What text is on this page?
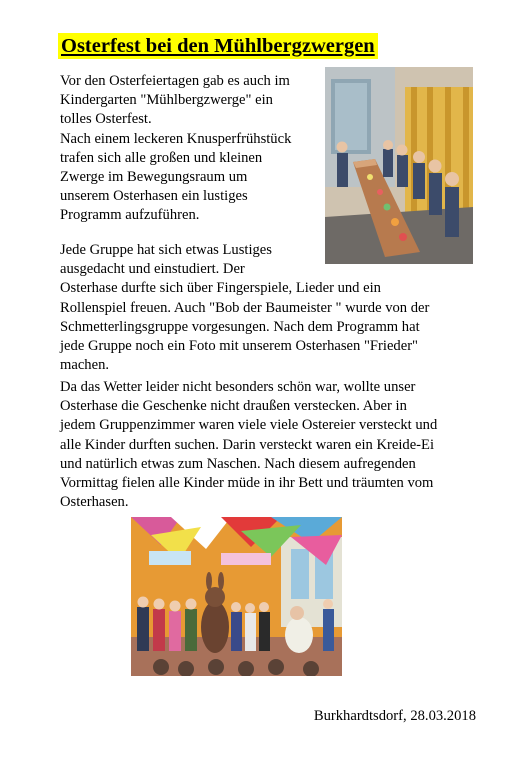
Osterfest bei den Mühlbergzwergen

Vor den Osterfeiertagen gab es auch im
Kindergarten "Mühlbergzwerge" ein
tolles Osterfest.
Nach einem leckeren Knusperfrühstück
trafen sich alle großen und kleinen
Zwerge im Bewegungsraum um
unserem Osterhasen ein lustiges
Programm aufzuführen.

Jede Gruppe hat sich etwas Lustiges
ausgedacht und einstudiert. Der
Osterhase durfte sich über Fingerspiele, Lieder und ein
Rollenspiel freuen. Auch "Bob der Baumeister " wurde von der
Schmetterlingsgruppe vorgesungen. Nach dem Programm hat
jede Gruppe noch ein Foto mit unserem Osterhasen "Frieder"
machen.

Da das Wetter leider nicht besonders schön war, wollte unser
Osterhase die Geschenke nicht draußen verstecken. Aber in
jedem Gruppenzimmer waren viele viele Ostereier versteckt und
alle Kinder durften suchen. Darin versteckt waren ein Kreide-Ei
und natürlich etwas zum Naschen. Nach diesem aufregenden
Vormittag fielen alle Kinder müde in ihr Bett und träumten vom
Osterhasen.

Burkhardtsdorf, 28.03.2018
